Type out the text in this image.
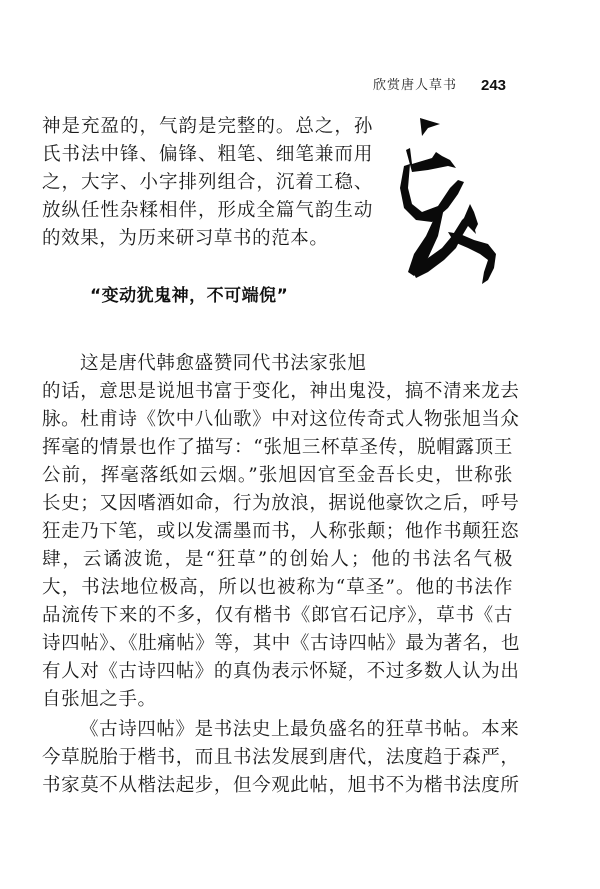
欣赏唐人草书 243
神是充盈的，气韵是完整的。总之，孙
氏书法中锋、偏锋、粗笔、细笔兼而用
之，大字、小字排列组合，沉着工稳、
放纵任性杂糅相伴，形成全篇气韵生动
的效果，为历来研习草书的范本。
“变动犹鬼神，不可端倪”
这是唐代韩愈盛赞同代书法家张旭
的话，意思是说旭书富于变化，神出鬼没，搞不清来龙去
脉。杜甫诗《饮中八仙歌》中对这位传奇式人物张旭当众
挥毫的情景也作了描写：“张旭三杯草圣传，脱帽露顶王
公前，挥毫落纸如云烟。”张旭因官至金吾长史，世称张
长史；又因嗜酒如命，行为放浪，据说他豪饮之后，呼号
狂走乃下笔，或以发濡墨而书，人称张颠；他作书颠狂恣
肆，云谲波诡，是“狂草”的创始人；他的书法名气极
大，书法地位极高，所以也被称为“草圣”。他的书法作
品流传下来的不多，仅有楷书《郎官石记序》，草书《古
诗四帖》、《肚痛帖》等，其中《古诗四帖》最为著名，也
有人对《古诗四帖》的真伪表示怀疑，不过多数人认为出
自张旭之手。
《古诗四帖》是书法史上最负盛名的狂草书帖。本来
今草脱胎于楷书，而且书法发展到唐代，法度趋于森严，
书家莫不从楷法起步，但今观此帖，旭书不为楷书法度所
